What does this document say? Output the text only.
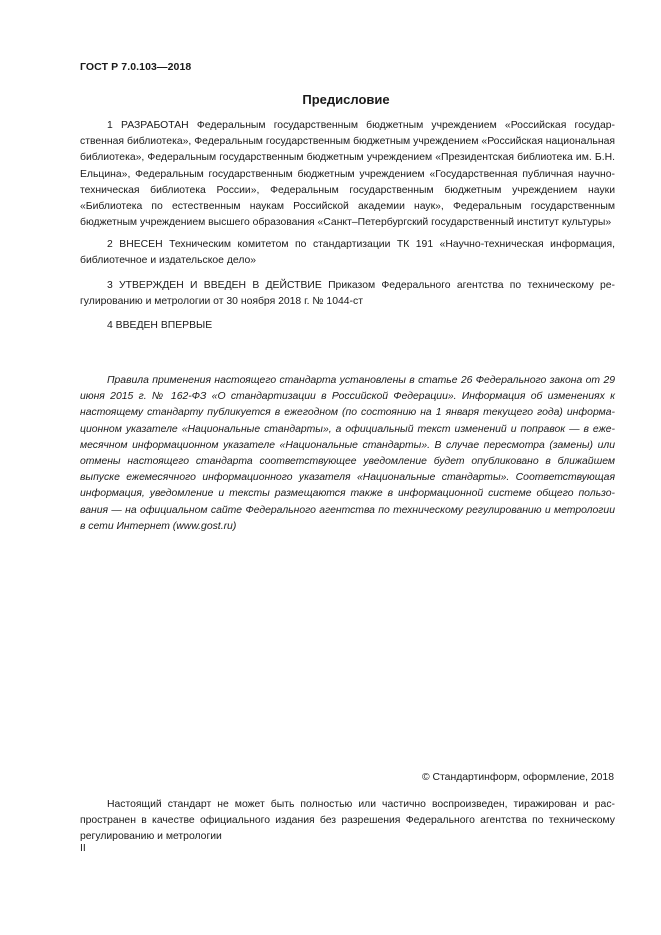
ГОСТ Р 7.0.103—2018
Предисловие

1 РАЗРАБОТАН Федеральным государственным бюджетным учреждением «Российская государственная библиотека», Федеральным государственным бюджетным учреждением «Российская национальная библиотека», Федеральным государственным бюджетным учреждением «Президентская библиотека им. Б.Н. Ельцина», Федеральным государственным бюджетным учреждением «Государственная публичная научно-техническая библиотека России», Федеральным государственным бюджетным учреждением науки «Библиотека по естественным наукам Российской академии наук», Федеральным государственным бюджетным учреждением высшего образования «Санкт–Петербургский государственный институт культуры»

2 ВНЕСЕН Техническим комитетом по стандартизации ТК 191 «Научно-техническая информация, библиотечное и издательское дело»

3 УТВЕРЖДЕН И ВВЕДЕН В ДЕЙСТВИЕ Приказом Федерального агентства по техническому регулированию и метрологии от 30 ноября 2018 г. № 1044-ст

4 ВВЕДЕН ВПЕРВЫЕ

Правила применения настоящего стандарта установлены в статье 26 Федерального закона от 29 июня 2015 г. № 162-ФЗ «О стандартизации в Российской Федерации». Информация об изменениях к настоящему стандарту публикуется в ежегодном (по состоянию на 1 января текущего года) информационном указателе «Национальные стандарты», а официальный текст изменений и поправок — в ежемесячном информационном указателе «Национальные стандарты». В случае пересмотра (замены) или отмены настоящего стандарта соответствующее уведомление будет опубликовано в ближайшем выпуске ежемесячного информационного указателя «Национальные стандарты». Соответствующая информация, уведомление и тексты размещаются также в информационной системе общего пользования — на официальном сайте Федерального агентства по техническому регулированию и метрологии в сети Интернет (www.gost.ru)

© Стандартинформ, оформление, 2018

Настоящий стандарт не может быть полностью или частично воспроизведен, тиражирован и распространен в качестве официального издания без разрешения Федерального агентства по техническому регулированию и метрологии

II
